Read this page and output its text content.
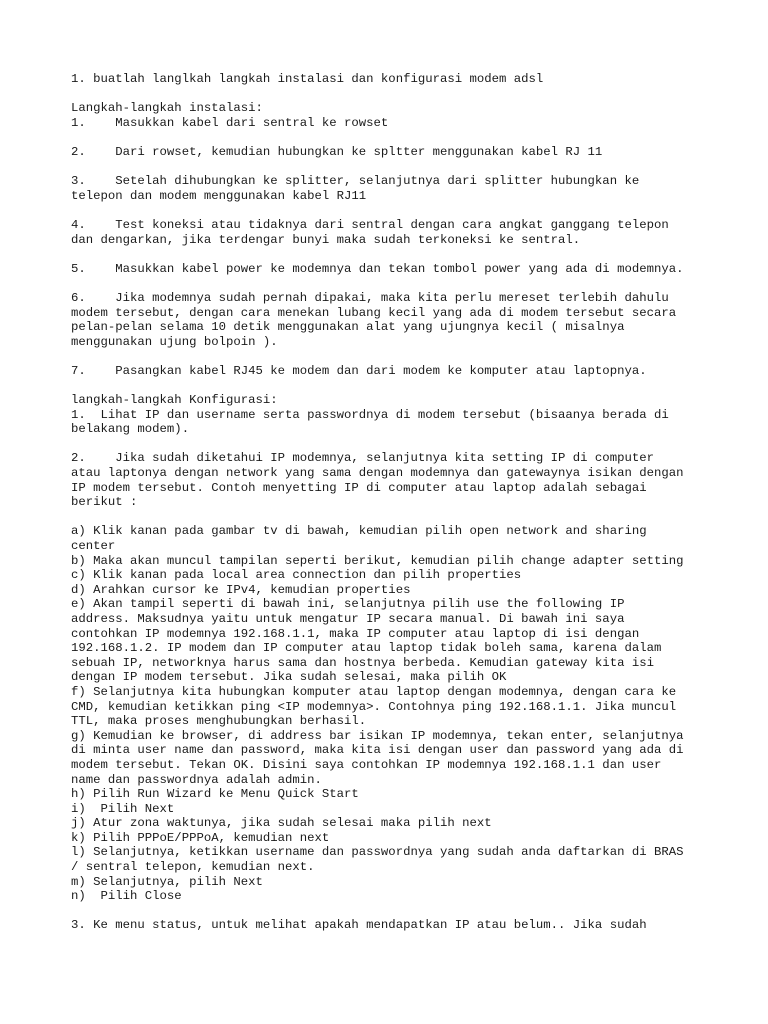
1. buatlah langlkah langkah instalasi dan konfigurasi modem adsl
Langkah-langkah instalasi:
1.    Masukkan kabel dari sentral ke rowset
2.    Dari rowset, kemudian hubungkan ke spltter menggunakan kabel RJ 11
3.    Setelah dihubungkan ke splitter, selanjutnya dari splitter hubungkan ke
telepon dan modem menggunakan kabel RJ11
4.    Test koneksi atau tidaknya dari sentral dengan cara angkat ganggang telepon
dan dengarkan, jika terdengar bunyi maka sudah terkoneksi ke sentral.
5.    Masukkan kabel power ke modemnya dan tekan tombol power yang ada di modemnya.
6.    Jika modemnya sudah pernah dipakai, maka kita perlu mereset terlebih dahulu
modem tersebut, dengan cara menekan lubang kecil yang ada di modem tersebut secara
pelan-pelan selama 10 detik menggunakan alat yang ujungnya kecil ( misalnya
menggunakan ujung bolpoin ).
7.    Pasangkan kabel RJ45 ke modem dan dari modem ke komputer atau laptopnya.
langkah-langkah Konfigurasi:
1.  Lihat IP dan username serta passwordnya di modem tersebut (bisaanya berada di
belakang modem).
2.    Jika sudah diketahui IP modemnya, selanjutnya kita setting IP di computer
atau laptonya dengan network yang sama dengan modemnya dan gatewaynya isikan dengan
IP modem tersebut. Contoh menyetting IP di computer atau laptop adalah sebagai
berikut :
a) Klik kanan pada gambar tv di bawah, kemudian pilih open network and sharing
center
b) Maka akan muncul tampilan seperti berikut, kemudian pilih change adapter setting
c) Klik kanan pada local area connection dan pilih properties
d) Arahkan cursor ke IPv4, kemudian properties
e) Akan tampil seperti di bawah ini, selanjutnya pilih use the following IP
address. Maksudnya yaitu untuk mengatur IP secara manual. Di bawah ini saya
contohkan IP modemnya 192.168.1.1, maka IP computer atau laptop di isi dengan
192.168.1.2. IP modem dan IP computer atau laptop tidak boleh sama, karena dalam
sebuah IP, networknya harus sama dan hostnya berbeda. Kemudian gateway kita isi
dengan IP modem tersebut. Jika sudah selesai, maka pilih OK
f) Selanjutnya kita hubungkan komputer atau laptop dengan modemnya, dengan cara ke
CMD, kemudian ketikkan ping <IP modemnya>. Contohnya ping 192.168.1.1. Jika muncul
TTL, maka proses menghubungkan berhasil.
g) Kemudian ke browser, di address bar isikan IP modemnya, tekan enter, selanjutnya
di minta user name dan password, maka kita isi dengan user dan password yang ada di
modem tersebut. Tekan OK. Disini saya contohkan IP modemnya 192.168.1.1 dan user
name dan passwordnya adalah admin.
h) Pilih Run Wizard ke Menu Quick Start
i)  Pilih Next
j) Atur zona waktunya, jika sudah selesai maka pilih next
k) Pilih PPPoE/PPPoA, kemudian next
l) Selanjutnya, ketikkan username dan passwordnya yang sudah anda daftarkan di BRAS
/ sentral telepon, kemudian next.
m) Selanjutnya, pilih Next
n)  Pilih Close
3. Ke menu status, untuk melihat apakah mendapatkan IP atau belum.. Jika sudah
